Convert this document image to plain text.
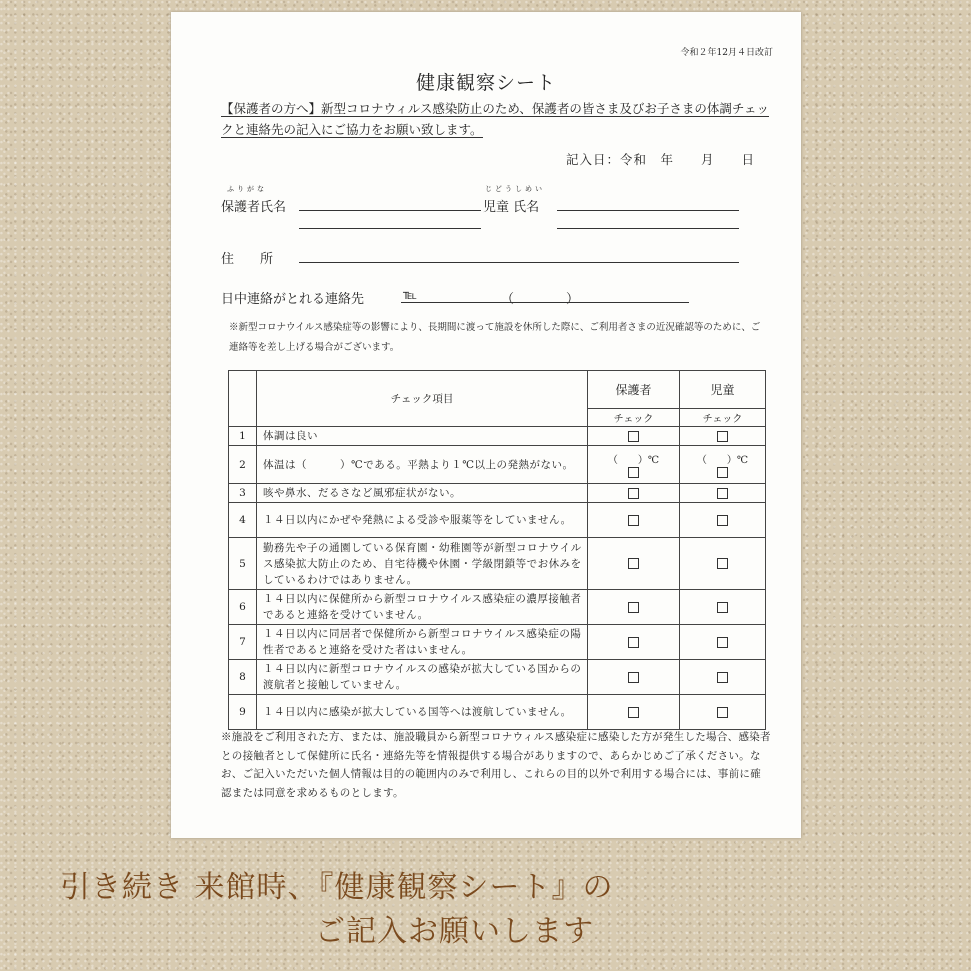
令和２年12月４日改訂
健康観察シート
【保護者の方へ】新型コロナウィルス感染防止のため、保護者の皆さま及びお子さまの体調チェックと連絡先の記入にご協力をお願い致します。
記入日：令和　年　　月　　日
ふりがな
保護者氏名
じどうしめい
児童 氏名
住　　所
日中連絡がとれる連絡先	℡	（　　　　）
※新型コロナウイルス感染症等の影響により、長期間に渡って施設を休所した際に、ご利用者さまの近況確認等のために、ご連絡等を差し上げる場合がございます。
	チェック項目	保護者	児童
		チェック	チェック
1	体調は良い		
2	体温は（　　　）℃である。平熱より１℃以上の発熱がない。	（　　）℃	（　　）℃

3	咳や鼻水、だるさなど風邪症状がない。		
4	１４日以内にかぜや発熱による受診や服薬等をしていません。		
5	勤務先や子の通園している保育園・幼稚園等が新型コロナウイルス感染拡大防止のため、自宅待機や休園・学級閉鎖等でお休みをしているわけではありません。		
6	１４日以内に保健所から新型コロナウイルス感染症の濃厚接触者であると連絡を受けていません。		
7	１４日以内に同居者で保健所から新型コロナウイルス感染症の陽性者であると連絡を受けた者はいません。		
8	１４日以内に新型コロナウイルスの感染が拡大している国からの渡航者と接触していません。		
9	１４日以内に感染が拡大している国等へは渡航していません。		
※施設をご利用された方、または、施設職員から新型コロナウィルス感染症に感染した方が発生した場合、感染者との接触者として保健所に氏名・連絡先等を情報提供する場合がありますので、あらかじめご了承ください。なお、ご記入いただいた個人情報は目的の範囲内のみで利用し、これらの目的以外で利用する場合には、事前に確認または同意を求めるものとします。
引き続き 来館時、『健康観察シート』の
ご記入お願いします
